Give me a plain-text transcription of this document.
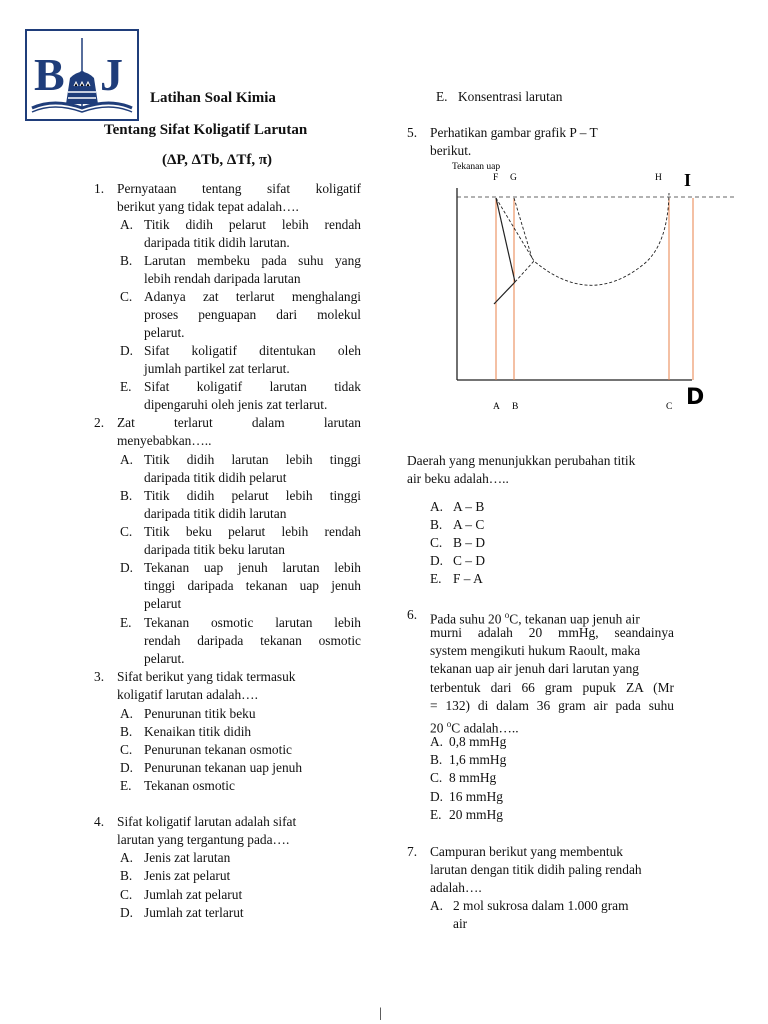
B J Latihan Soal Kimia
Tentang Sifat Koligatif Larutan
(ΔP, ΔTb, ΔTf, π)
1. Pernyataan tentang sifat koligatif
berikut yang tidak tepat adalah….
A. Titik didih pelarut lebih rendah
daripada titik didih larutan.
B. Larutan membeku pada suhu yang
lebih rendah daripada larutan
C. Adanya zat terlarut menghalangi
proses penguapan dari molekul
pelarut.
D. Sifat koligatif ditentukan oleh
jumlah partikel zat terlarut.
E. Sifat koligatif larutan tidak
dipengaruhi oleh jenis zat terlarut.
2. Zat terlarut dalam larutan
menyebabkan…..
A. Titik didih larutan lebih tinggi
daripada titik didih pelarut
B. Titik didih pelarut lebih tinggi
daripada titik didih larutan
C. Titik beku pelarut lebih rendah
daripada titik beku larutan
D. Tekanan uap jenuh larutan lebih
tinggi daripada tekanan uap jenuh
pelarut
E. Tekanan osmotic larutan lebih
rendah daripada tekanan osmotic
pelarut.
3. Sifat berikut yang tidak termasuk
koligatif larutan adalah….
A. Penurunan titik beku
B. Kenaikan titik didih
C. Penurunan tekanan osmotic
D. Penurunan tekanan uap jenuh
E. Tekanan osmotic
4. Sifat koligatif larutan adalah sifat
larutan yang tergantung pada….
A. Jenis zat larutan
B. Jenis zat pelarut
C. Jumlah zat pelarut
D. Jumlah zat terlarut
E. Konsentrasi larutan
5. Perhatikan gambar grafik P – T
berikut.
Tekanan uap
F G	H I
A B	C D
Daerah yang menunjukkan perubahan titik
air beku adalah…..
A. A – B
B. A – C
C. B – D
D. C – D
E. F – A
6. Pada suhu 20 $^o$C, tekanan uap jenuh air
murni adalah 20 mmHg, seandainya
system mengikuti hukum Raoult, maka
tekanan uap air jenuh dari larutan yang
terbentuk dari 66 gram pupuk ZA (Mr
= 132) di dalam 36 gram air pada suhu
20 $^o$C adalah…..
A. 0,8 mmHg
B. 1,6 mmHg
C. 8 mmHg
D. 16 mmHg
E. 20 mmHg
7. Campuran berikut yang membentuk
larutan dengan titik didih paling rendah
adalah….
A. 2 mol sukrosa dalam 1.000 gram
air
|
